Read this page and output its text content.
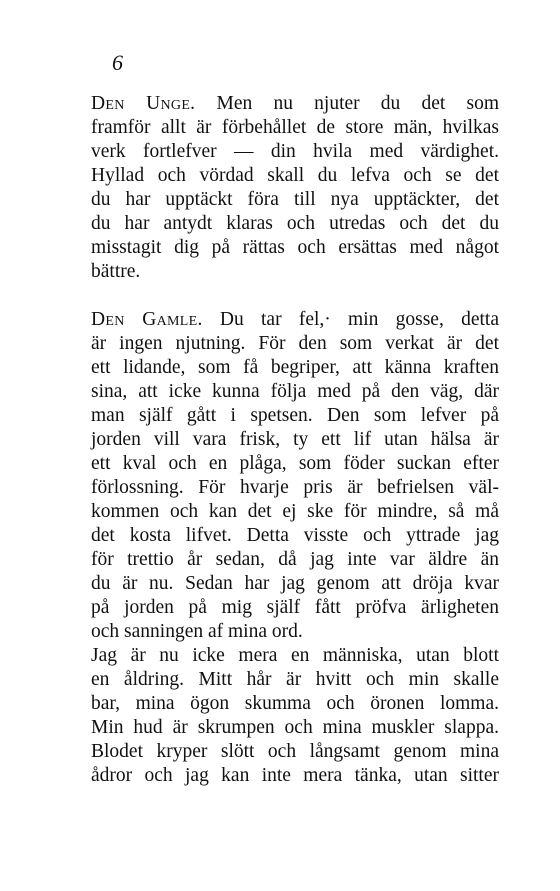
6
Den Unge. Men nu njuter du det som
framför allt är förbehållet de store män, hvilkas
verk fortlefver — din hvila med värdighet.
Hyllad och vördad skall du lefva och se det
du har upptäckt föra till nya upptäckter, det
du har antydt klaras och utredas och det du
misstagit dig på rättas och ersättas med något
bättre.
Den Gamle. Du tar fel,· min gosse, detta
är ingen njutning. För den som verkat är det
ett lidande, som få begriper, att känna kraften
sina, att icke kunna följa med på den väg, där
man själf gått i spetsen. Den som lefver på
jorden vill vara frisk, ty ett lif utan hälsa är
ett kval och en plåga, som föder suckan efter
förlossning. För hvarje pris är befrielsen väl-
kommen och kan det ej ske för mindre, så må
det kosta lifvet. Detta visste och yttrade jag
för trettio år sedan, då jag inte var äldre än
du är nu. Sedan har jag genom att dröja kvar
på jorden på mig själf fått pröfva ärligheten
och sanningen af mina ord.
Jag är nu icke mera en människa, utan blott
en åldring. Mitt hår är hvitt och min skalle
bar, mina ögon skumma och öronen lomma.
Min hud är skrumpen och mina muskler slappa.
Blodet kryper slött och långsamt genom mina
ådror och jag kan inte mera tänka, utan sitter
